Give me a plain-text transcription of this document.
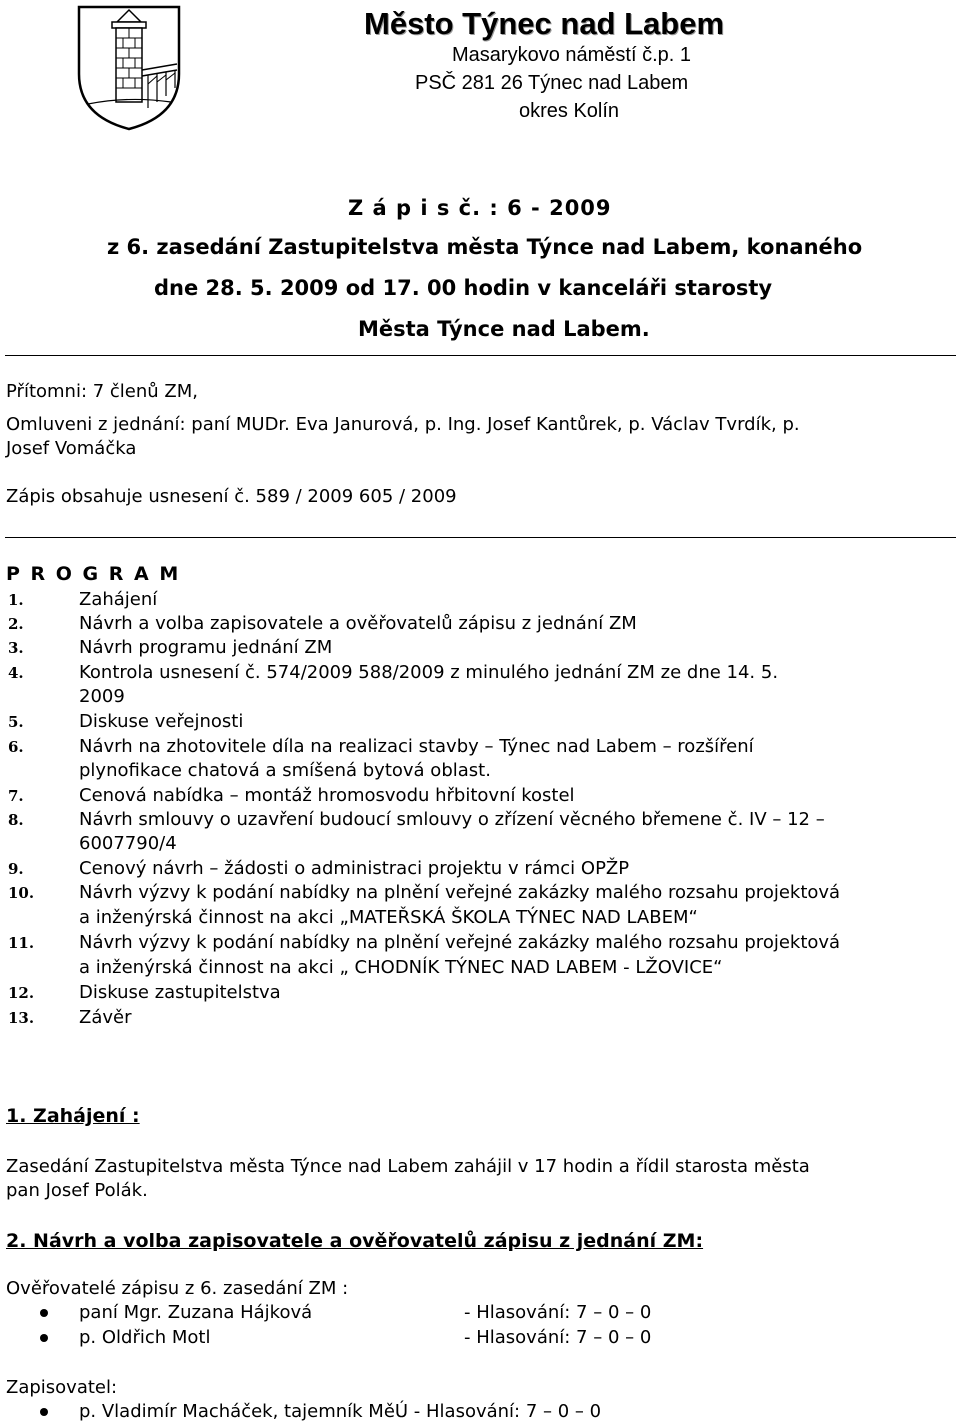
Město Týnec nad Labem
Masarykovo náměstí č.p. 1
PSČ 281 26 Týnec nad Labem
okres Kolín
Z á p i s č. : 6 - 2009
z 6. zasedání Zastupitelstva města Týnce nad Labem, konaného
dne 28. 5. 2009 od 17. 00 hodin v kanceláři starosty
Města Týnce nad Labem.
Přítomni: 7 členů ZM,
Omluveni z jednání: paní MUDr. Eva Janurová, p. Ing. Josef Kantůrek, p. Václav Tvrdík, p.
Josef Vomáčka
Zápis obsahuje usnesení č. 589 / 2009 605 / 2009
P R O G R A M
1.	Zahájení
2.	Návrh a volba zapisovatele a ověřovatelů zápisu z jednání ZM
3.	Návrh programu jednání ZM
4.	Kontrola usnesení č. 574/2009 588/2009 z minulého jednání ZM ze dne 14. 5.
2009
5.	Diskuse veřejnosti
6.	Návrh na zhotovitele díla na realizaci stavby – Týnec nad Labem – rozšíření
plynofikace chatová a smíšená bytová oblast.
7.	Cenová nabídka – montáž hromosvodu hřbitovní kostel
8.	Návrh smlouvy o uzavření budoucí smlouvy o zřízení věcného břemene č. IV – 12 –
6007790/4
9.	Cenový návrh – žádosti o administraci projektu v rámci OPŽP
10.	Návrh výzvy k podání nabídky na plnění veřejné zakázky malého rozsahu projektová
a inženýrská činnost na akci „MATEŘSKÁ ŠKOLA TÝNEC NAD LABEM“
11.	Návrh výzvy k podání nabídky na plnění veřejné zakázky malého rozsahu projektová
a inženýrská činnost na akci „ CHODNÍK TÝNEC NAD LABEM - LŽOVICE“
12.	Diskuse zastupitelstva
13.	Závěr
1. Zahájení :
Zasedání Zastupitelstva města Týnce nad Labem zahájil v 17 hodin a řídil starosta města
pan Josef Polák.
2. Návrh a volba zapisovatele a ověřovatelů zápisu z jednání ZM:
Ověřovatelé zápisu z 6. zasedání ZM :
paní Mgr. Zuzana Hájková	- Hlasování: 7 – 0 – 0
p. Oldřich Motl	- Hlasování: 7 – 0 – 0
Zapisovatel:
p. Vladimír Macháček, tajemník MěÚ - Hlasování: 7 – 0 – 0
